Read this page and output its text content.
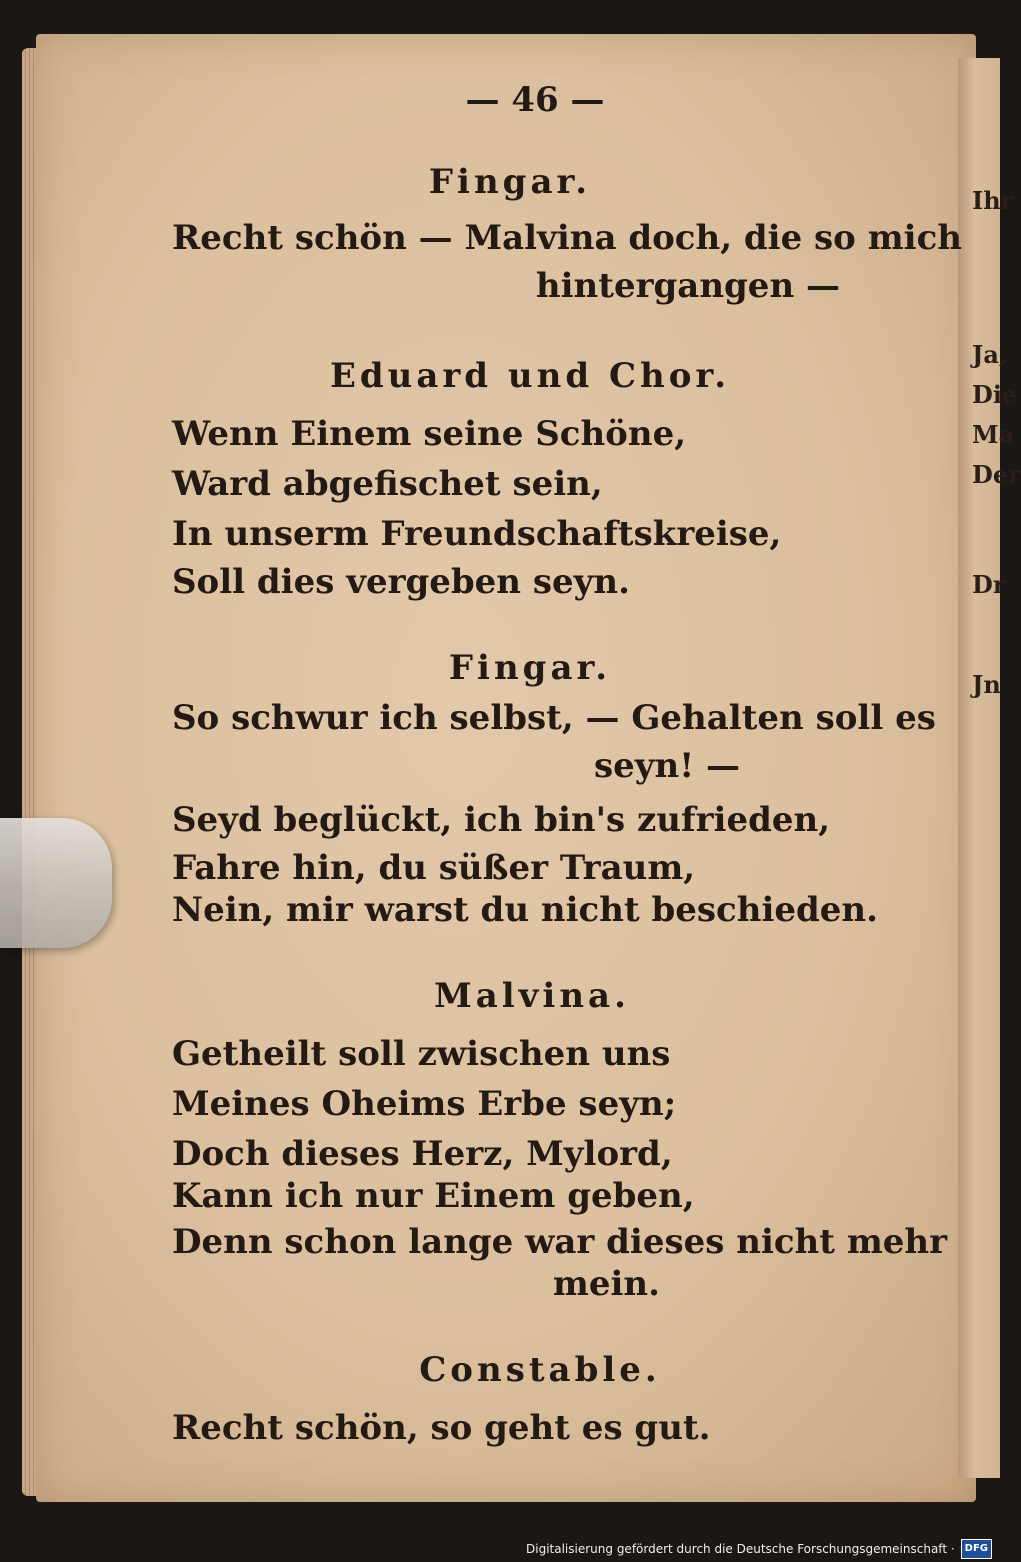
Ihr
Ja,
Die
Ma
Der
Dr
Jn
— 46 —
Fingar.
Recht schön — Malvina doch, die so mich
hintergangen —
Eduard und Chor.
Wenn Einem seine Schöne,
Ward abgefischet sein,
In unserm Freundschaftskreise,
Soll dies vergeben seyn.
Fingar.
So schwur ich selbst, — Gehalten soll es
seyn! —
Seyd beglückt, ich bin's zufrieden,
Fahre hin, du süßer Traum,
Nein, mir warst du nicht beschieden.
Malvina.
Getheilt soll zwischen uns
Meines Oheims Erbe seyn;
Doch dieses Herz, Mylord,
Kann ich nur Einem geben,
Denn schon lange war dieses nicht mehr
mein.
Constable.
Recht schön, so geht es gut.
Digitalisierung gefördert durch die Deutsche Forschungsgemeinschaft ·	DFG
